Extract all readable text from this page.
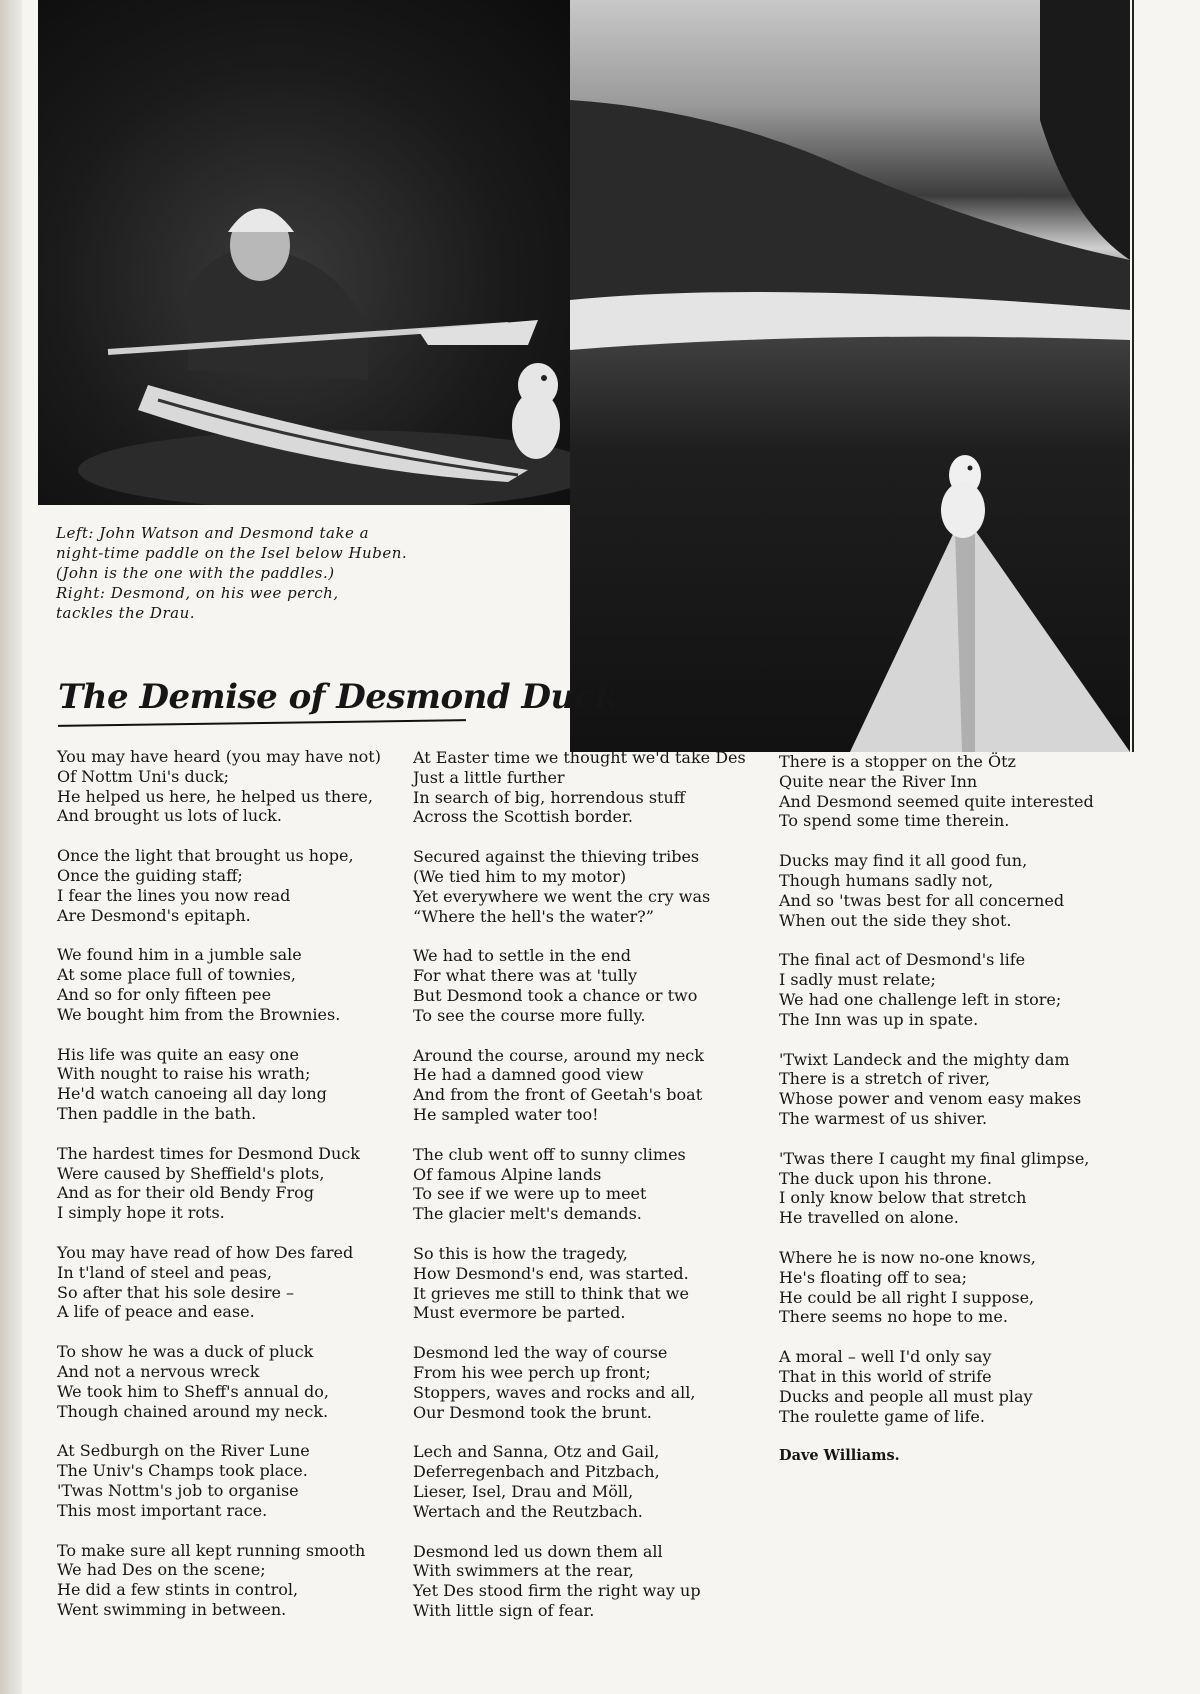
Left: John Watson and Desmond take a
night-time paddle on the Isel below Huben.
(John is the one with the paddles.)
Right: Desmond, on his wee perch,
tackles the Drau.

The Demise of Desmond Duck
You may have heard (you may have not)
Of Nottm Uni's duck;
He helped us here, he helped us there,
And brought us lots of luck.
Once the light that brought us hope,
Once the guiding staff;
I fear the lines you now read
Are Desmond's epitaph.
We found him in a jumble sale
At some place full of townies,
And so for only fifteen pee
We bought him from the Brownies.
His life was quite an easy one
With nought to raise his wrath;
He'd watch canoeing all day long
Then paddle in the bath.
The hardest times for Desmond Duck
Were caused by Sheffield's plots,
And as for their old Bendy Frog
I simply hope it rots.
You may have read of how Des fared
In t'land of steel and peas,
So after that his sole desire –
A life of peace and ease.
To show he was a duck of pluck
And not a nervous wreck
We took him to Sheff's annual do,
Though chained around my neck.
At Sedburgh on the River Lune
The Univ's Champs took place.
'Twas Nottm's job to organise
This most important race.
To make sure all kept running smooth
We had Des on the scene;
He did a few stints in control,
Went swimming in between.
At Easter time we thought we'd take Des
Just a little further
In search of big, horrendous stuff
Across the Scottish border.
Secured against the thieving tribes
(We tied him to my motor)
Yet everywhere we went the cry was
“Where the hell's the water?”
We had to settle in the end
For what there was at 'tully
But Desmond took a chance or two
To see the course more fully.
Around the course, around my neck
He had a damned good view
And from the front of Geetah's boat
He sampled water too!
The club went off to sunny climes
Of famous Alpine lands
To see if we were up to meet
The glacier melt's demands.
So this is how the tragedy,
How Desmond's end, was started.
It grieves me still to think that we
Must evermore be parted.
Desmond led the way of course
From his wee perch up front;
Stoppers, waves and rocks and all,
Our Desmond took the brunt.
Lech and Sanna, Otz and Gail,
Deferregenbach and Pitzbach,
Lieser, Isel, Drau and Möll,
Wertach and the Reutzbach.
Desmond led us down them all
With swimmers at the rear,
Yet Des stood firm the right way up
With little sign of fear.
There is a stopper on the Ötz
Quite near the River Inn
And Desmond seemed quite interested
To spend some time therein.
Ducks may find it all good fun,
Though humans sadly not,
And so 'twas best for all concerned
When out the side they shot.
The final act of Desmond's life
I sadly must relate;
We had one challenge left in store;
The Inn was up in spate.
'Twixt Landeck and the mighty dam
There is a stretch of river,
Whose power and venom easy makes
The warmest of us shiver.
'Twas there I caught my final glimpse,
The duck upon his throne.
I only know below that stretch
He travelled on alone.
Where he is now no-one knows,
He's floating off to sea;
He could be all right I suppose,
There seems no hope to me.
A moral – well I'd only say
That in this world of strife
Ducks and people all must play
The roulette game of life.
Dave Williams.
